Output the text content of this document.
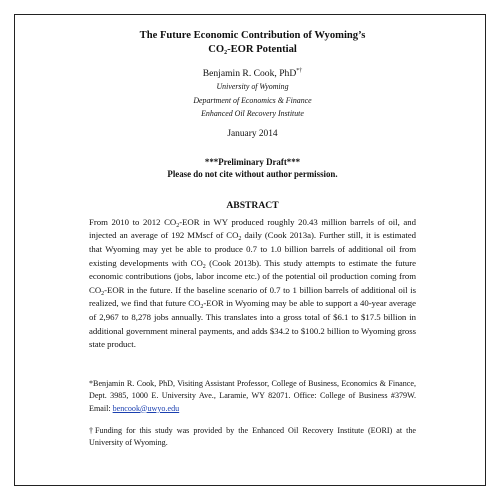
The Future Economic Contribution of Wyoming’s
$CO_2$-EOR Potential
Benjamin R. Cook, PhD*†
University of Wyoming
Department of Economics & Finance
Enhanced Oil Recovery Institute
January 2014
***Preliminary Draft***
Please do not cite without author permission.
ABSTRACT
From 2010 to 2012 $CO_2$-EOR in WY produced roughly 20.43 million barrels of oil, and injected an average of 192 MMscf of $CO_2$ daily (Cook 2013a). Further still, it is estimated that Wyoming may yet be able to produce 0.7 to 1.0 billion barrels of additional oil from existing developments with $CO_2$ (Cook 2013b). This study attempts to estimate the future economic contributions (jobs, labor income etc.) of the potential oil production coming from $CO_2$-EOR in the future. If the baseline scenario of 0.7 to 1 billion barrels of additional oil is realized, we find that future $CO_2$-EOR in Wyoming may be able to support a 40-year average of 2,967 to 8,278 jobs annually. This translates into a gross total of $6.1 to $17.5 billion in additional government mineral payments, and adds $34.2 to $100.2 billion to Wyoming gross state product.
*Benjamin R. Cook, PhD, Visiting Assistant Professor, College of Business, Economics & Finance, Dept. 3985, 1000 E. University Ave., Laramie, WY 82071. Office: College of Business #379W. Email: bencook@uwyo.edu
†Funding for this study was provided by the Enhanced Oil Recovery Institute (EORI) at the University of Wyoming.
